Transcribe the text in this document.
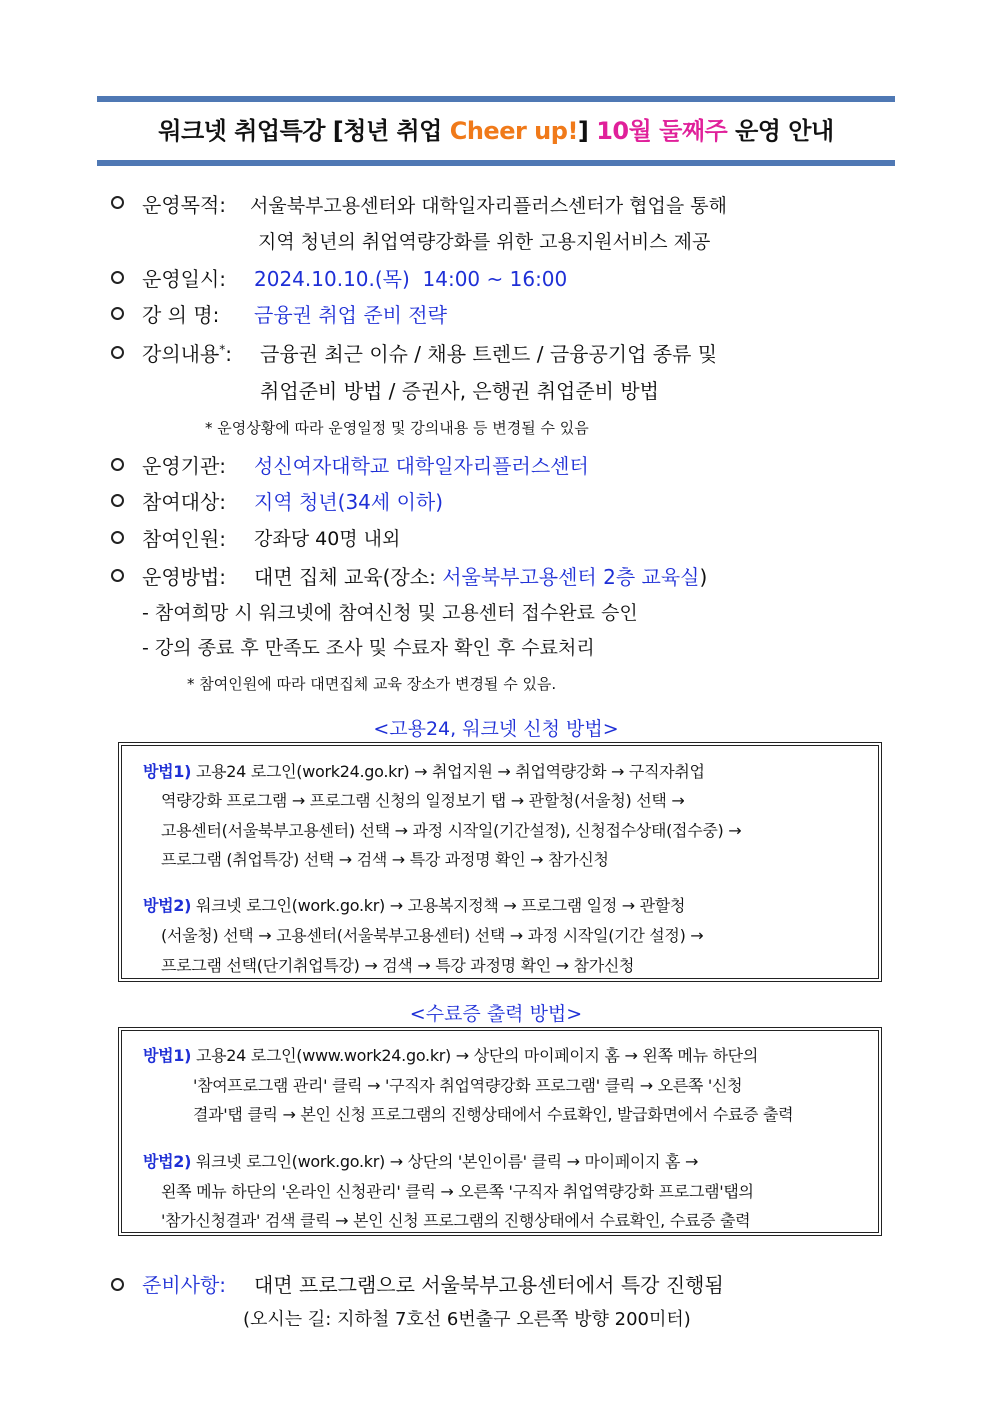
워크넷 취업특강 [청년 취업 Cheer up!] 10월 둘째주 운영 안내
운영목적: 서울북부고용센터와 대학일자리플러스센터가 협업을 통해
지역 청년의 취업역량강화를 위한 고용지원서비스 제공
운영일시: 2024.10.10.(목)  14:00 ~ 16:00
강 의 명: 금융권 취업 준비 전략
강의내용*: 금융권 최근 이슈 / 채용 트렌드 / 금융공기업 종류 및
취업준비 방법 / 증권사, 은행권 취업준비 방법
* 운영상황에 따라 운영일정 및 강의내용 등 변경될 수 있음
운영기관: 성신여자대학교 대학일자리플러스센터
참여대상: 지역 청년(34세 이하)
참여인원: 강좌당 40명 내외
운영방법: 대면 집체 교육(장소: 서울북부고용센터 2층 교육실)
- 참여희망 시 워크넷에 참여신청 및 고용센터 접수완료 승인
- 강의 종료 후 만족도 조사 및 수료자 확인 후 수료처리
* 참여인원에 따라 대면집체 교육 장소가 변경될 수 있음.
<고용24, 워크넷 신청 방법>
방법1) 고용24 로그인(work24.go.kr) → 취업지원 → 취업역량강화 → 구직자취업
역량강화 프로그램 → 프로그램 신청의 일정보기 탭 → 관할청(서울청) 선택 →
고용센터(서울북부고용센터) 선택 → 과정 시작일(기간설정), 신청접수상태(접수중) →
프로그램 (취업특강) 선택 → 검색 → 특강 과정명 확인 → 참가신청
방법2) 워크넷 로그인(work.go.kr) → 고용복지정책 → 프로그램 일정 → 관할청
(서울청) 선택 → 고용센터(서울북부고용센터) 선택 → 과정 시작일(기간 설정) →
프로그램 선택(단기취업특강) → 검색 → 특강 과정명 확인 → 참가신청
<수료증 출력 방법>
방법1) 고용24 로그인(www.work24.go.kr) → 상단의 마이페이지 홈 → 왼쪽 메뉴 하단의
'참여프로그램 관리' 클릭 → '구직자 취업역량강화 프로그램' 클릭 → 오른쪽 '신청
결과'탭 클릭 → 본인 신청 프로그램의 진행상태에서 수료확인, 발급화면에서 수료증 출력
방법2) 워크넷 로그인(work.go.kr) → 상단의 '본인이름' 클릭 → 마이페이지 홈 →
왼쪽 메뉴 하단의 '온라인 신청관리' 클릭 → 오른쪽 '구직자 취업역량강화 프로그램'탭의
'참가신청결과' 검색 클릭 → 본인 신청 프로그램의 진행상태에서 수료확인, 수료증 출력
준비사항: 대면 프로그램으로 서울북부고용센터에서 특강 진행됨
(오시는 길: 지하철 7호선 6번출구 오른쪽 방향 200미터)
